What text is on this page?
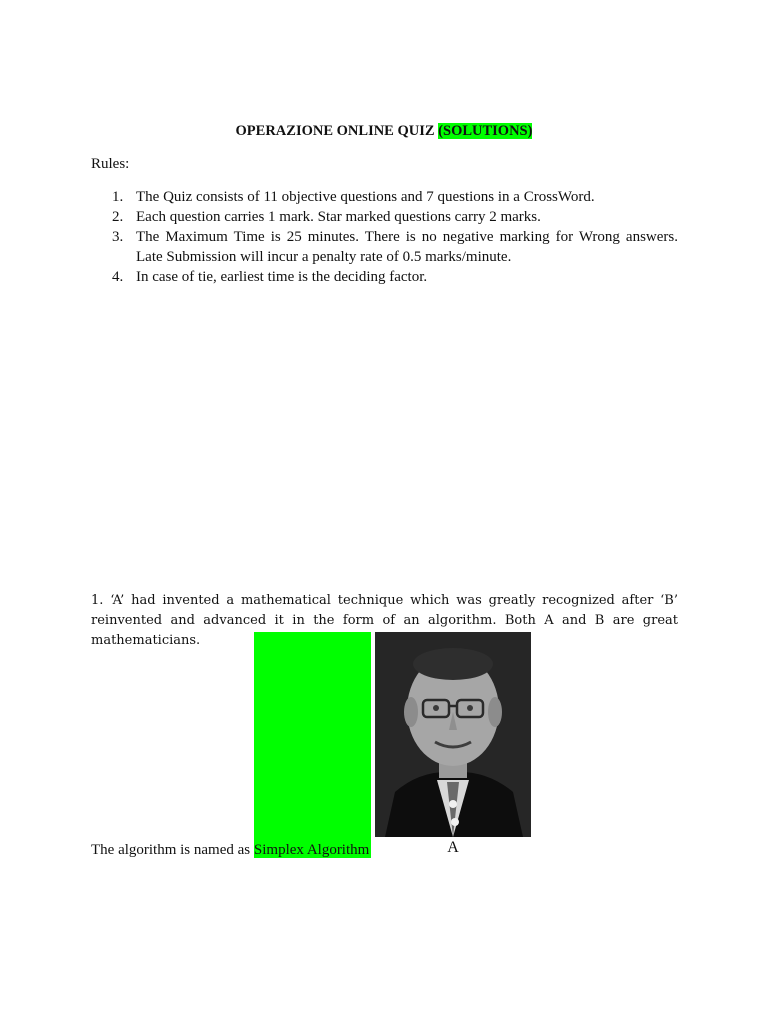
OPERAZIONE ONLINE QUIZ (SOLUTIONS)
Rules:
1. The Quiz consists of 11 objective questions and 7 questions in a CrossWord.
2. Each question carries 1 mark. Star marked questions carry 2 marks.
3. The Maximum Time is 25 minutes. There is no negative marking for Wrong answers. Late Submission will incur a penalty rate of 0.5 marks/minute.
4. In case of tie, earliest time is the deciding factor.
1. ‘A’ had invented a mathematical technique which was greatly recognized after ‘B’ reinvented and advanced it in the form of an algorithm. Both A and B are great mathematicians.
A
The algorithm is named as Simplex Algorithm
